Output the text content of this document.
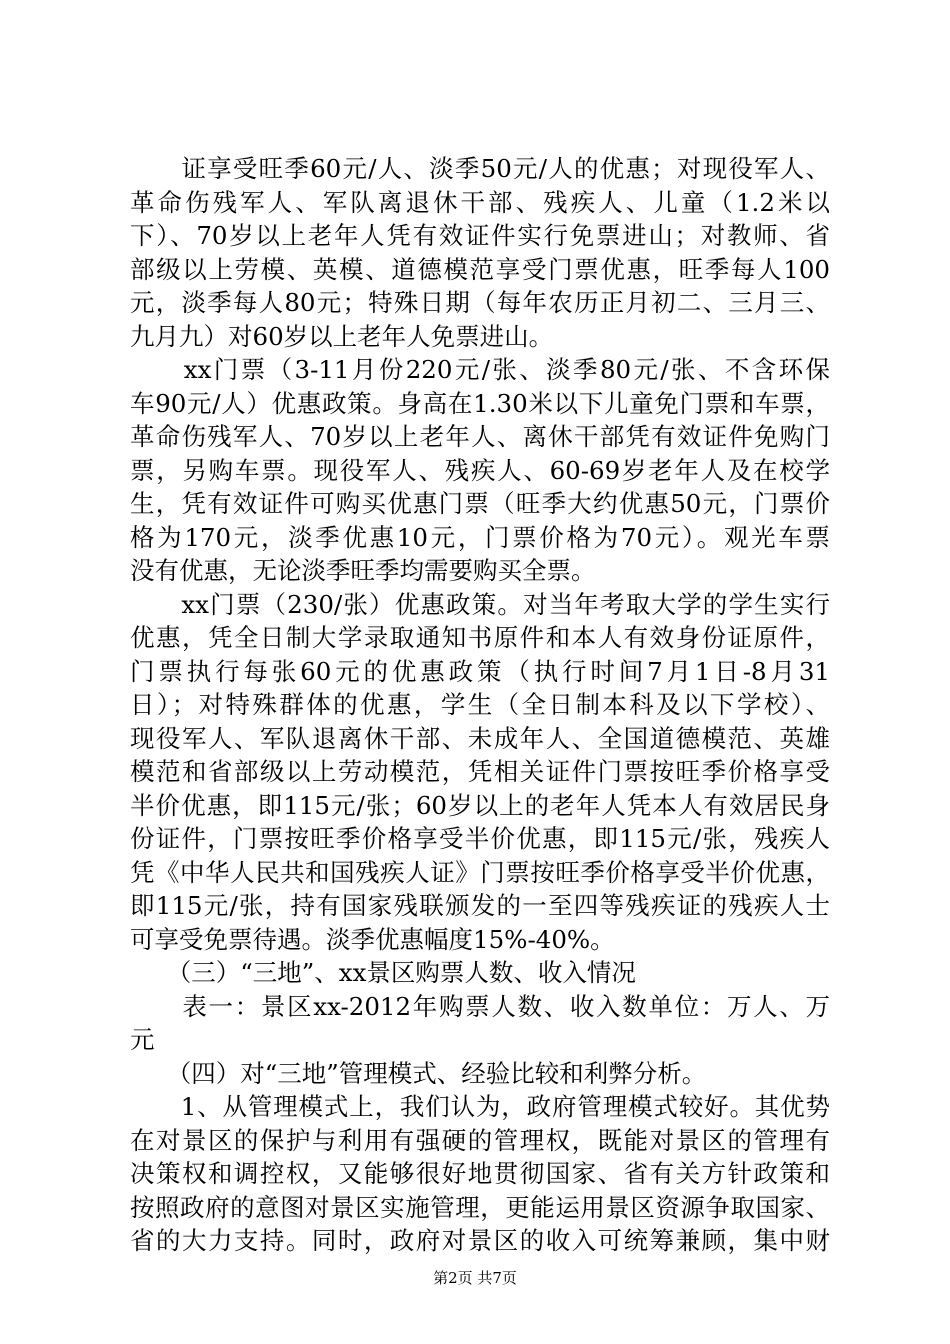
　　证享受旺季60元/人、淡季50元/人的优惠；对现役军人、
革命伤残军人、军队离退休干部、残疾人、儿童（1.2米以
下）、70岁以上老年人凭有效证件实行免票进山；对教师、省
部级以上劳模、英模、道德模范享受门票优惠，旺季每人100
元，淡季每人80元；特殊日期（每年农历正月初二、三月三、
九月九）对60岁以上老年人免票进山。
　　xx门票（3-11月份220元/张、淡季80元/张、不含环保
车90元/人）优惠政策。身高在1.30米以下儿童免门票和车票，
革命伤残军人、70岁以上老年人、离休干部凭有效证件免购门
票，另购车票。现役军人、残疾人、60-69岁老年人及在校学
生，凭有效证件可购买优惠门票（旺季大约优惠50元，门票价
格为170元，淡季优惠10元，门票价格为70元）。观光车票
没有优惠，无论淡季旺季均需要购买全票。
　　xx门票（230/张）优惠政策。对当年考取大学的学生实行
优惠，凭全日制大学录取通知书原件和本人有效身份证原件，
门票执行每张60元的优惠政策（执行时间7月1日-8月31
日）；对特殊群体的优惠，学生（全日制本科及以下学校）、
现役军人、军队退离休干部、未成年人、全国道德模范、英雄
模范和省部级以上劳动模范，凭相关证件门票按旺季价格享受
半价优惠，即115元/张；60岁以上的老年人凭本人有效居民身
份证件，门票按旺季价格享受半价优惠，即115元/张，残疾人
凭《中华人民共和国残疾人证》门票按旺季价格享受半价优惠，
即115元/张，持有国家残联颁发的一至四等残疾证的残疾人士
可享受免票待遇。淡季优惠幅度15%-40%。
　　（三）“三地”、xx景区购票人数、收入情况
　　表一：景区xx-2012年购票人数、收入数单位：万人、万
元
　　（四）对“三地”管理模式、经验比较和利弊分析。
　　1、从管理模式上，我们认为，政府管理模式较好。其优势
在对景区的保护与利用有强硬的管理权，既能对景区的管理有
决策权和调控权，又能够很好地贯彻国家、省有关方针政策和
按照政府的意图对景区实施管理，更能运用景区资源争取国家、
省的大力支持。同时，政府对景区的收入可统筹兼顾，集中财
第2页 共7页
